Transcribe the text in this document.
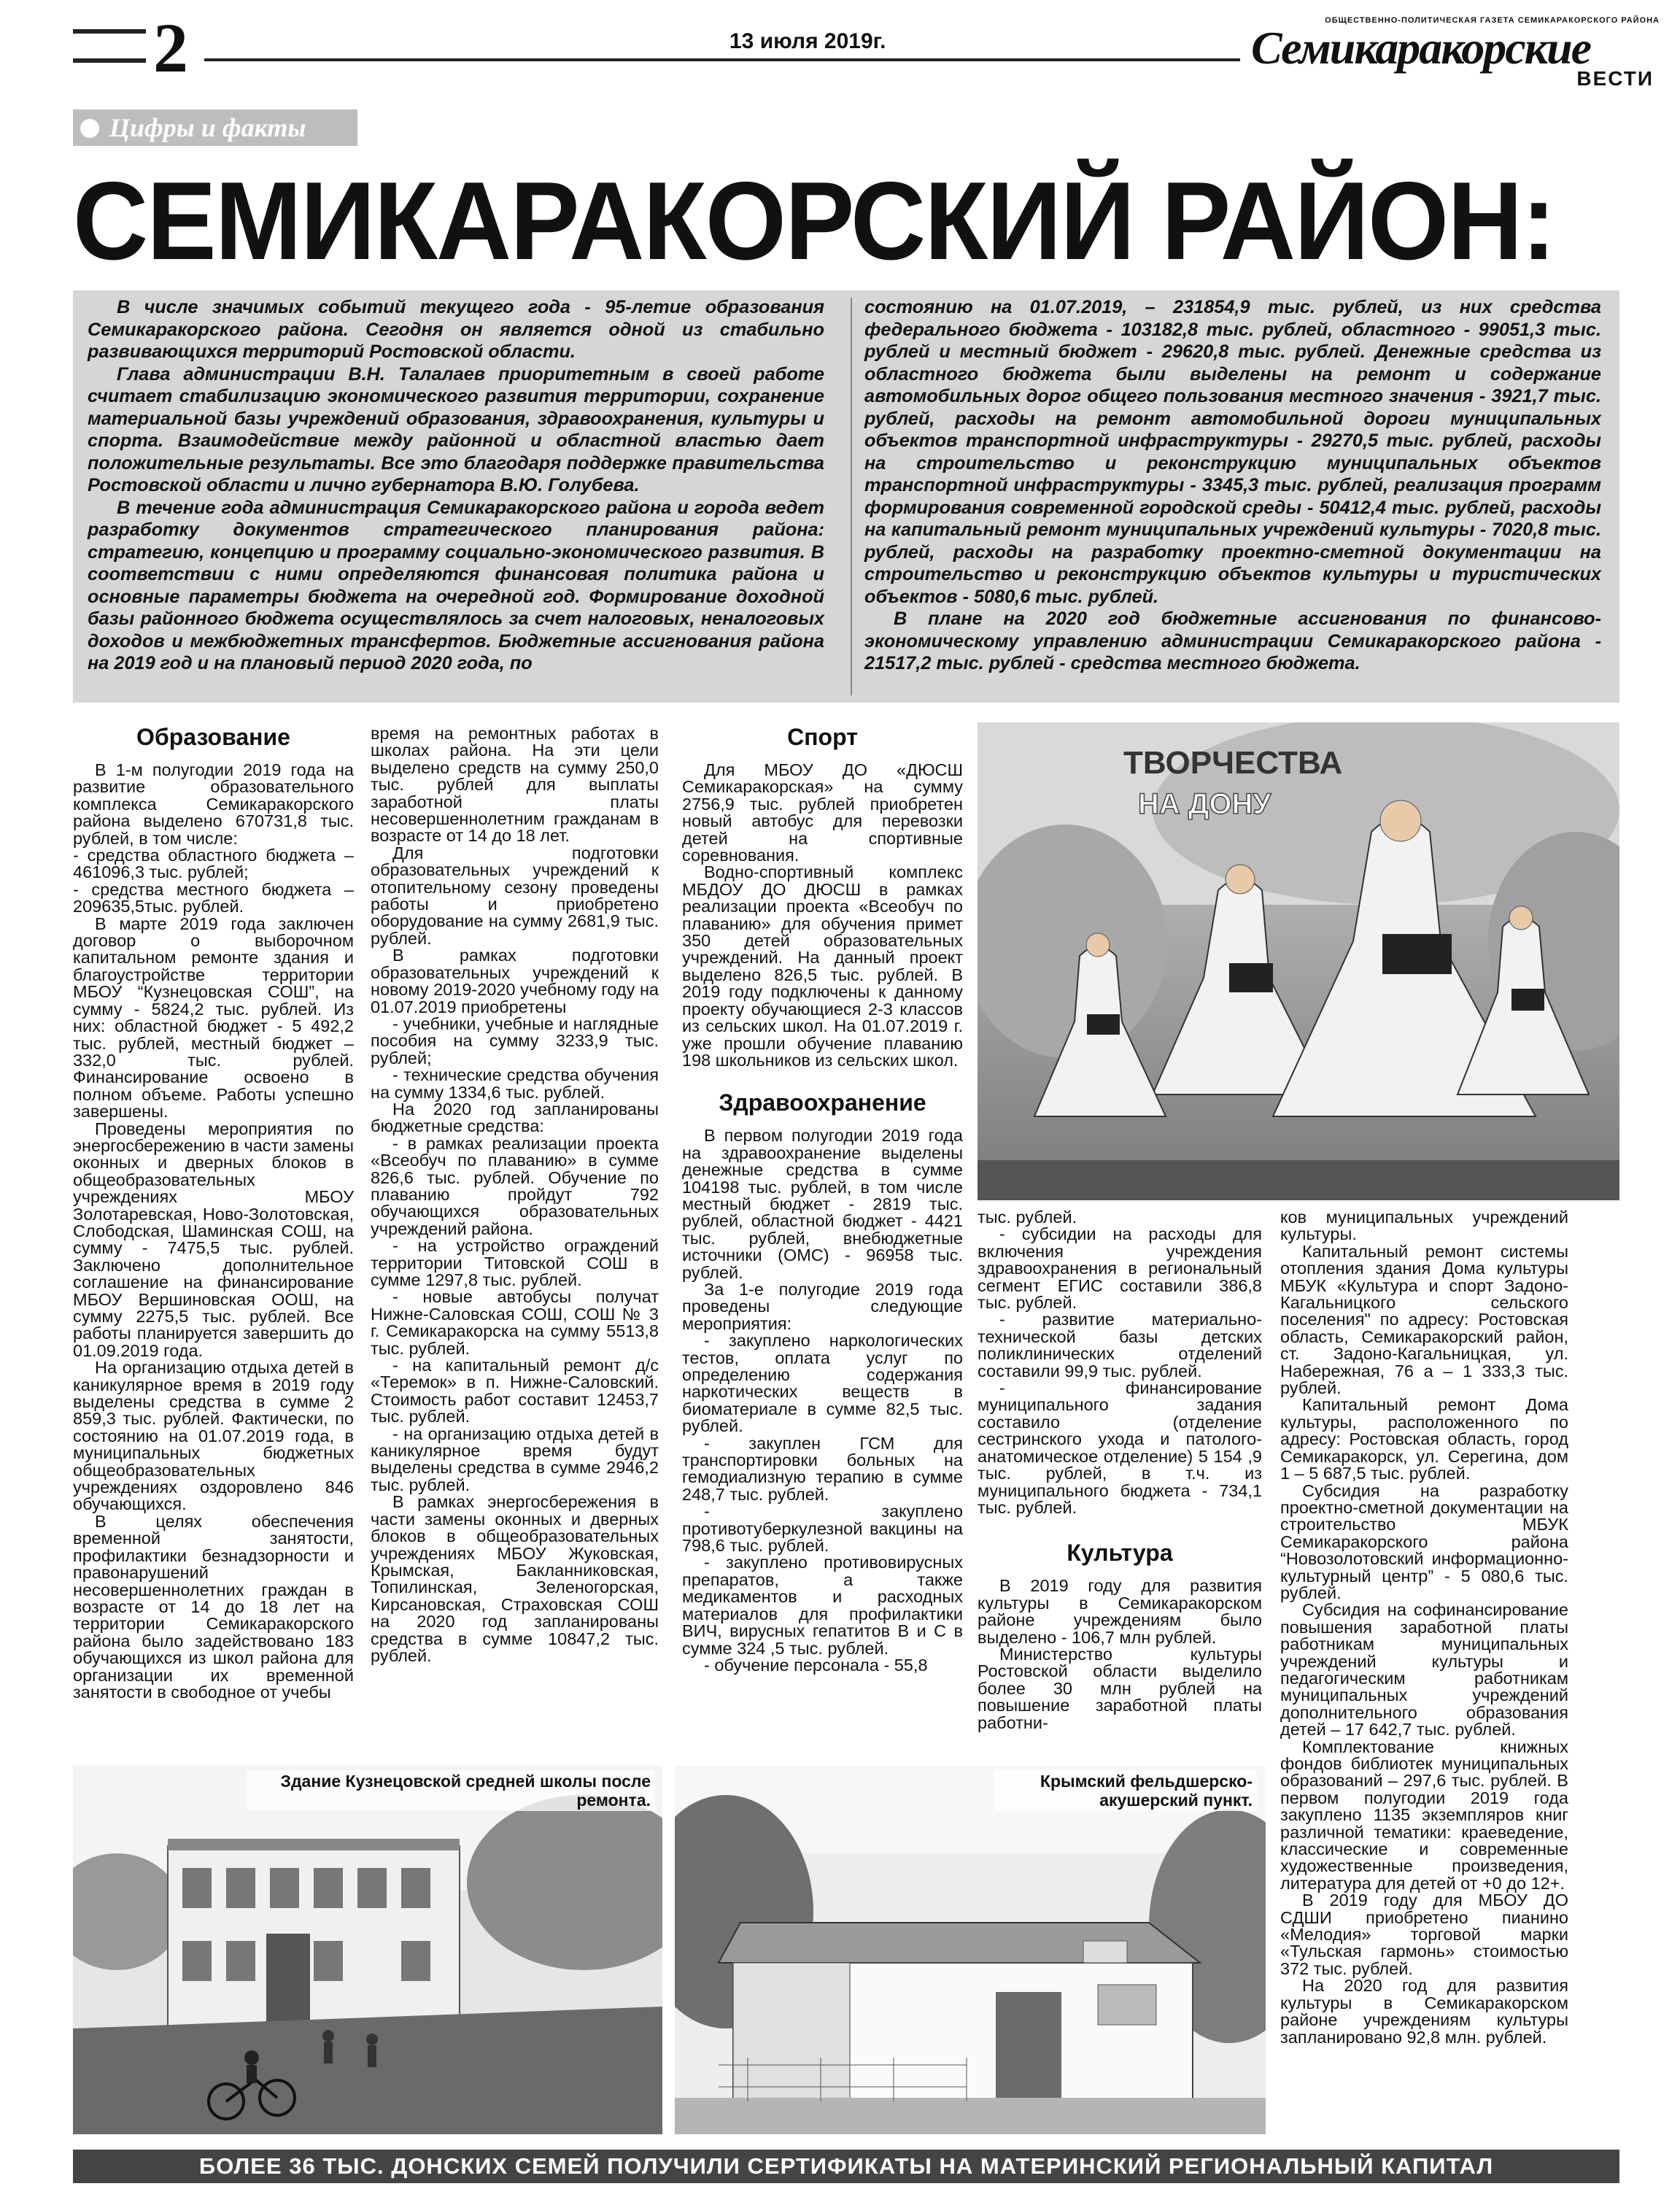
2	13 июля 2019г.
ОБЩЕСТВЕННО-ПОЛИТИЧЕСКАЯ ГАЗЕТА СЕМИКАРАКОРСКОГО РАЙОНА
Семикаракорские
ВЕСТИ
Цифры и факты
СЕМИКАРАКОРСКИЙ РАЙОН:

В числе значимых событий текущего года - 95-летие образования Семикаракорского района. Сегодня он является одной из стабильно развивающихся территорий Ростовской области.

Глава администрации В.Н. Талалаев приоритетным в своей работе считает стабилизацию экономического развития территории, сохранение материальной базы учреждений образования, здравоохранения, культуры и спорта. Взаимодействие между районной и областной властью дает положительные результаты. Все это благодаря поддержке правительства Ростовской области и лично губернатора В.Ю. Голубева.

В течение года администрация Семикаракорского района и города ведет разработку документов стратегического планирования района: стратегию, концепцию и программу социально-экономического развития. В соответствии с ними определяются финансовая политика района и основные параметры бюджета на очередной год. Формирование доходной базы районного бюджета осуществлялось за счет налоговых, неналоговых доходов и межбюджетных трансфертов. Бюджетные ассигнования района на 2019 год и на плановый период 2020 года, по

состоянию на 01.07.2019, – 231854,9 тыс. рублей, из них средства федерального бюджета - 103182,8 тыс. рублей, областного - 99051,3 тыс. рублей и местный бюджет - 29620,8 тыс. рублей. Денежные средства из областного бюджета были выделены на ремонт и содержание автомобильных дорог общего пользования местного значения - 3921,7 тыс. рублей, расходы на ремонт автомобильной дороги муниципальных объектов транспортной инфраструктуры - 29270,5 тыс. рублей, расходы на строительство и реконструкцию муниципальных объектов транспортной инфраструктуры - 3345,3 тыс. рублей, реализация программ формирования современной городской среды - 50412,4 тыс. рублей, расходы на капитальный ремонт муниципальных учреждений культуры - 7020,8 тыс. рублей, расходы на разработку проектно-сметной документации на строительство и реконструкцию объектов культуры и туристических объектов - 5080,6 тыс. рублей.

В плане на 2020 год бюджетные ассигнования по финансово-экономическому управлению администрации Семикаракорского района - 21517,2 тыс. рублей - средства местного бюджета.

Образование

В 1-м полугодии 2019 года на развитие образовательного комплекса Семикаракорского района выделено 670731,8 тыс. рублей, в том числе:

- средства областного бюджета – 461096,3 тыс. рублей;

- средства местного бюджета – 209635,5тыс. рублей.

В марте 2019 года заключен договор о выборочном капитальном ремонте здания и благоустройстве территории МБОУ “Кузнецовская СОШ”, на сумму - 5824,2 тыс. рублей. Из них: областной бюджет - 5 492,2 тыс. рублей, местный бюджет – 332,0 тыс. рублей. Финансирование освоено в полном объеме. Работы успешно завершены.

Проведены мероприятия по энергосбережению в части замены оконных и дверных блоков в общеобразовательных учреждениях МБОУ Золотаревская, Ново-Золотовская, Слободская, Шаминская СОШ, на сумму - 7475,5 тыс. рублей. Заключено дополнительное соглашение на финансирование МБОУ Вершиновская ООШ, на сумму 2275,5 тыс. рублей. Все работы планируется завершить до 01.09.2019 года.

На организацию отдыха детей в каникулярное время в 2019 году выделены средства в сумме 2 859,3 тыс. рублей. Фактически, по состоянию на 01.07.2019 года, в муниципальных бюджетных общеобразовательных учреждениях оздоровлено 846 обучающихся.

В целях обеспечения временной занятости, профилактики безнадзорности и правонарушений несовершеннолетних граждан в возрасте от 14 до 18 лет на территории Семикаракорского района было задействовано 183 обучающихся из школ района для организации их временной занятости в свободное от учебы

время на ремонтных работах в школах района. На эти цели выделено средств на сумму 250,0 тыс. рублей для выплаты заработной платы несовершеннолетним гражданам в возрасте от 14 до 18 лет.

Для подготовки образовательных учреждений к отопительному сезону проведены работы и приобретено оборудование на сумму 2681,9 тыс. рублей.

В рамках подготовки образовательных учреждений к новому 2019-2020 учебному году на 01.07.2019 приобретены

- учебники, учебные и наглядные пособия на сумму 3233,9 тыс. рублей;

- технические средства обучения на сумму 1334,6 тыс. рублей.

На 2020 год запланированы бюджетные средства:

- в рамках реализации проекта «Всеобуч по плаванию» в сумме 826,6 тыс. рублей. Обучение по плаванию пройдут 792 обучающихся образовательных учреждений района.

- на устройство ограждений территории Титовской СОШ в сумме 1297,8 тыс. рублей.

- новые автобусы получат Нижне-Саловская СОШ, СОШ № 3 г. Семикаракорска на сумму 5513,8 тыс. рублей.

- на капитальный ремонт д/с «Теремок» в п. Нижне-Саловский. Стоимость работ составит 12453,7 тыс. рублей.

- на организацию отдыха детей в каникулярное время будут выделены средства в сумме 2946,2 тыс. рублей.

В рамках энергосбережения в части замены оконных и дверных блоков в общеобразовательных учреждениях МБОУ Жуковская, Крымская, Бакланниковская, Топилинская, Зеленогорская, Кирсановская, Страховская СОШ на 2020 год запланированы средства в сумме 10847,2 тыс. рублей.

Спорт

Для МБОУ ДО «ДЮСШ Семикаракорская» на сумму 2756,9 тыс. рублей приобретен новый автобус для перевозки детей на спортивные соревнования.

Водно-спортивный комплекс МБДОУ ДО ДЮСШ в рамках реализации проекта «Всеобуч по плаванию» для обучения примет 350 детей образовательных учреждений. На данный проект выделено 826,5 тыс. рублей. В 2019 году подключены к данному проекту обучающиеся 2-3 классов из сельских школ. На 01.07.2019 г. уже прошли обучение плаванию 198 школьников из сельских школ.

Здравоохранение

В первом полугодии 2019 года на здравоохранение выделены денежные средства в сумме 104198 тыс. рублей, в том числе местный бюджет - 2819 тыс. рублей, областной бюджет - 4421 тыс. рублей, внебюджетные источники (ОМС) - 96958 тыс. рублей.

За 1-е полугодие 2019 года проведены следующие мероприятия:

- закуплено наркологических тестов, оплата услуг по определению содержания наркотических веществ в биоматериале в сумме 82,5 тыс. рублей.

- закуплен ГСМ для транспортировки больных на гемодиализную терапию в сумме 248,7 тыс. рублей.

- закуплено противотуберкулезной вакцины на 798,6 тыс. рублей.

- закуплено противовирусных препаратов, а также медикаментов и расходных материалов для профилактики ВИЧ, вирусных гепатитов В и С в сумме 324 ,5 тыс. рублей.

- обучение персонала - 55,8

ТВОРЧЕСТВА
НА ДОНУ

тыс. рублей.

- субсидии на расходы для включения учреждения здравоохранения в региональный сегмент ЕГИС составили 386,8 тыс. рублей.

- развитие материально-технической базы детских поликлинических отделений составили 99,9 тыс. рублей.

- финансирование муниципального задания составило (отделение сестринского ухода и патолого-анатомическое отделение) 5 154 ,9 тыс. рублей, в т.ч. из муниципального бюджета - 734,1 тыс. рублей.

Культура

В 2019 году для развития культуры в Семикаракорском районе учреждениям было выделено - 106,7 млн рублей.

Министерство культуры Ростовской области выделило более 30 млн рублей на повышение заработной платы работни-

ков муниципальных учреждений культуры.

Капитальный ремонт системы отопления здания Дома культуры МБУК «Культура и спорт Задоно-Кагальницкого сельского поселения" по адресу: Ростовская область, Семикаракорский район, ст. Задоно-Кагальницкая, ул. Набережная, 76 а – 1 333,3 тыс. рублей.

Капитальный ремонт Дома культуры, расположенного по адресу: Ростовская область, город Семикаракорск, ул. Серегина, дом 1 – 5 687,5 тыс. рублей.

Субсидия на разработку проектно-сметной документации на строительство МБУК Семикаракорского района “Новозолотовский информационно-культурный центр” - 5 080,6 тыс. рублей.

Субсидия на софинансирование повышения заработной платы работникам муниципальных учреждений культуры и педагогическим работникам муниципальных учреждений дополнительного образования детей – 17 642,7 тыс. рублей.

Комплектование книжных фондов библиотек муниципальных образований – 297,6 тыс. рублей. В первом полугодии 2019 года закуплено 1135 экземпляров книг различной тематики: краеведение, классические и современные художественные произведения, литература для детей от +0 до 12+.

В 2019 году для МБОУ ДО СДШИ приобретено пианино «Мелодия» торговой марки «Тульская гармонь» стоимостью 372 тыс. рублей.

На 2020 год для развития культуры в Семикаракорском районе учреждениям культуры запланировано 92,8 млн. рублей.

Здание Кузнецовской средней школы после ремонта.
Крымский фельдшерско-акушерский пункт.
БОЛЕЕ 36 ТЫС. ДОНСКИХ СЕМЕЙ ПОЛУЧИЛИ СЕРТИФИКАТЫ НА МАТЕРИНСКИЙ РЕГИОНАЛЬНЫЙ КАПИТАЛ
